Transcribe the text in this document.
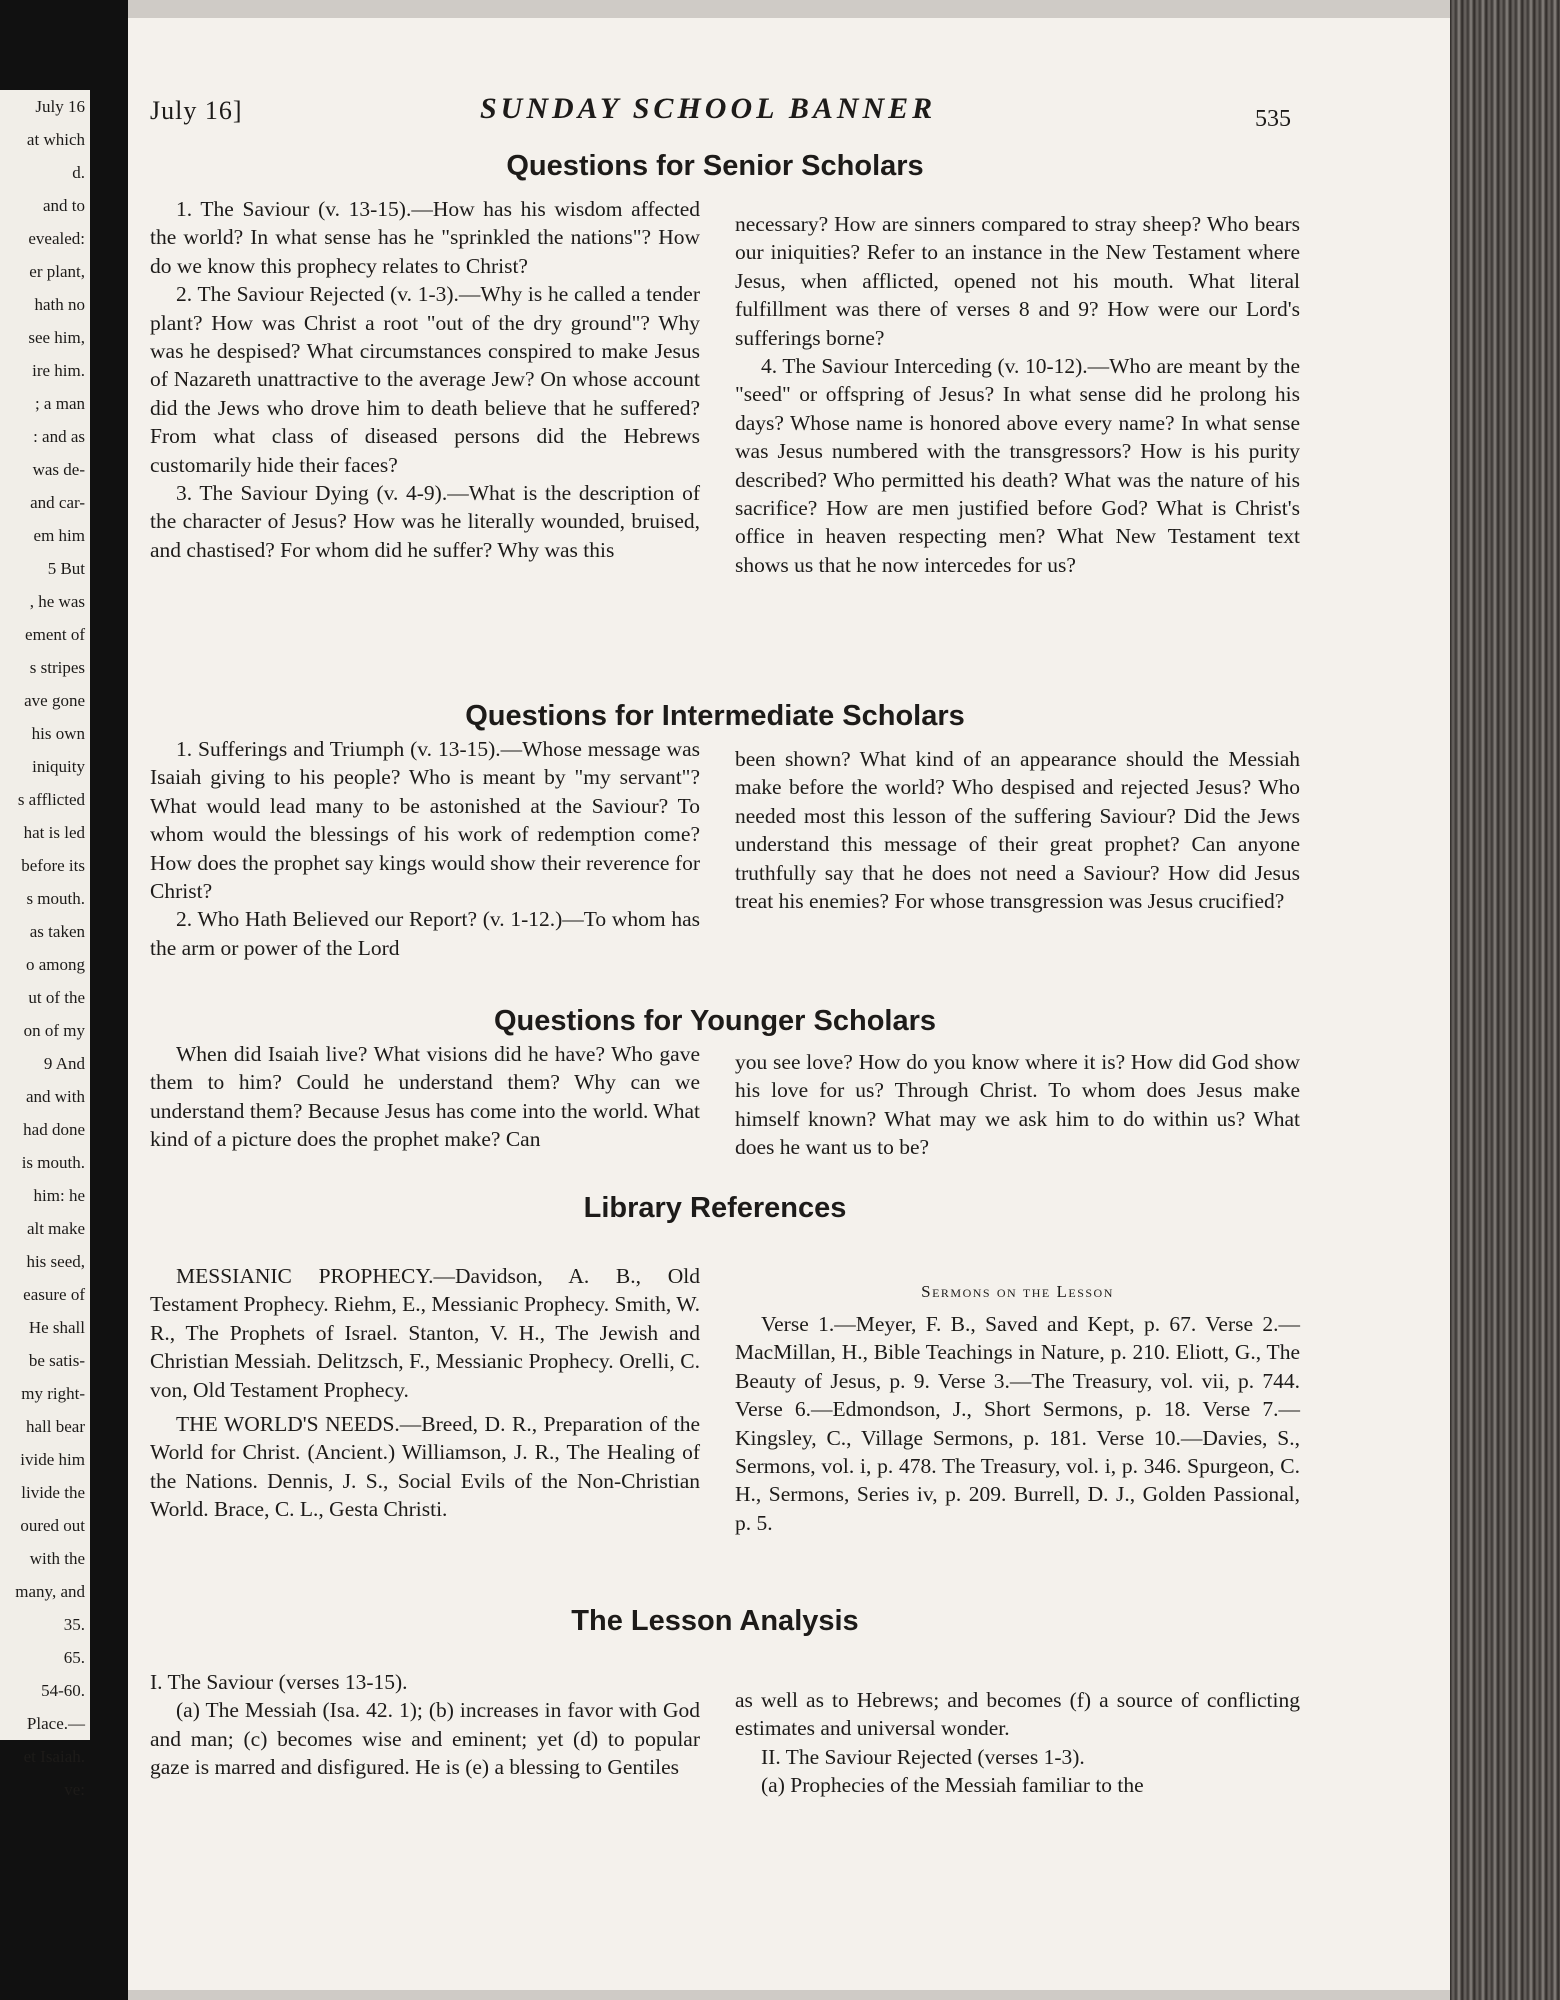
July 16
at which
d.
and to
evealed:
er plant,
hath no
see him,
ire him.
; a man
: and as
was de-
and car-
em him
5 But
, he was
ement of
s stripes
ave gone
his own
iniquity
s afflicted
hat is led
before its
s mouth.
as taken
o among
ut of the
on of my
9 And
and with
had done
is mouth.
him: he
alt make
his seed,
easure of
He shall
be satis-
my right-
hall bear
ivide him
livide the
oured out
with the
many, and
35.
65.
54-60.
Place.—
et Isaiah.
ve:
July 16]	SUNDAY SCHOOL BANNER	535
Questions for Senior Scholars

1. The Saviour (v. 13-15).—How has his wisdom affected the world? In what sense has he "sprinkled the nations"? How do we know this prophecy relates to Christ?

2. The Saviour Rejected (v. 1-3).—Why is he called a tender plant? How was Christ a root "out of the dry ground"? Why was he despised? What circumstances conspired to make Jesus of Nazareth unattractive to the average Jew? On whose account did the Jews who drove him to death believe that he suffered? From what class of diseased persons did the Hebrews customarily hide their faces?

3. The Saviour Dying (v. 4-9).—What is the description of the character of Jesus? How was he literally wounded, bruised, and chastised? For whom did he suffer? Why was this

necessary? How are sinners compared to stray sheep? Who bears our iniquities? Refer to an instance in the New Testament where Jesus, when afflicted, opened not his mouth. What literal fulfillment was there of verses 8 and 9? How were our Lord's sufferings borne?

4. The Saviour Interceding (v. 10-12).—Who are meant by the "seed" or offspring of Jesus? In what sense did he prolong his days? Whose name is honored above every name? In what sense was Jesus numbered with the transgressors? How is his purity described? Who permitted his death? What was the nature of his sacrifice? How are men justified before God? What is Christ's office in heaven respecting men? What New Testament text shows us that he now intercedes for us?

Questions for Intermediate Scholars

1. Sufferings and Triumph (v. 13-15).—Whose message was Isaiah giving to his people? Who is meant by "my servant"? What would lead many to be astonished at the Saviour? To whom would the blessings of his work of redemption come? How does the prophet say kings would show their reverence for Christ?

2. Who Hath Believed our Report? (v. 1-12.)—To whom has the arm or power of the Lord

been shown? What kind of an appearance should the Messiah make before the world? Who despised and rejected Jesus? Who needed most this lesson of the suffering Saviour? Did the Jews understand this message of their great prophet? Can anyone truthfully say that he does not need a Saviour? How did Jesus treat his enemies? For whose transgression was Jesus crucified?

Questions for Younger Scholars

When did Isaiah live? What visions did he have? Who gave them to him? Could he understand them? Why can we understand them? Because Jesus has come into the world. What kind of a picture does the prophet make? Can

you see love? How do you know where it is? How did God show his love for us? Through Christ. To whom does Jesus make himself known? What may we ask him to do within us? What does he want us to be?

Library References

MESSIANIC PROPHECY.—Davidson, A. B., Old Testament Prophecy. Riehm, E., Messianic Prophecy. Smith, W. R., The Prophets of Israel. Stanton, V. H., The Jewish and Christian Messiah. Delitzsch, F., Messianic Prophecy. Orelli, C. von, Old Testament Prophecy.

THE WORLD'S NEEDS.—Breed, D. R., Preparation of the World for Christ. (Ancient.) Williamson, J. R., The Healing of the Nations. Dennis, J. S., Social Evils of the Non-Christian World. Brace, C. L., Gesta Christi.

Sermons on the Lesson

Verse 1.—Meyer, F. B., Saved and Kept, p. 67. Verse 2.—MacMillan, H., Bible Teachings in Nature, p. 210. Eliott, G., The Beauty of Jesus, p. 9. Verse 3.—The Treasury, vol. vii, p. 744. Verse 6.—Edmondson, J., Short Sermons, p. 18. Verse 7.—Kingsley, C., Village Sermons, p. 181. Verse 10.—Davies, S., Sermons, vol. i, p. 478. The Treasury, vol. i, p. 346. Spurgeon, C. H., Sermons, Series iv, p. 209. Burrell, D. J., Golden Passional, p. 5.

The Lesson Analysis

I. The Saviour (verses 13-15).

(a) The Messiah (Isa. 42. 1); (b) increases in favor with God and man; (c) becomes wise and eminent; yet (d) to popular gaze is marred and disfigured. He is (e) a blessing to Gentiles

as well as to Hebrews; and becomes (f) a source of conflicting estimates and universal wonder.

II. The Saviour Rejected (verses 1-3).

(a) Prophecies of the Messiah familiar to the
